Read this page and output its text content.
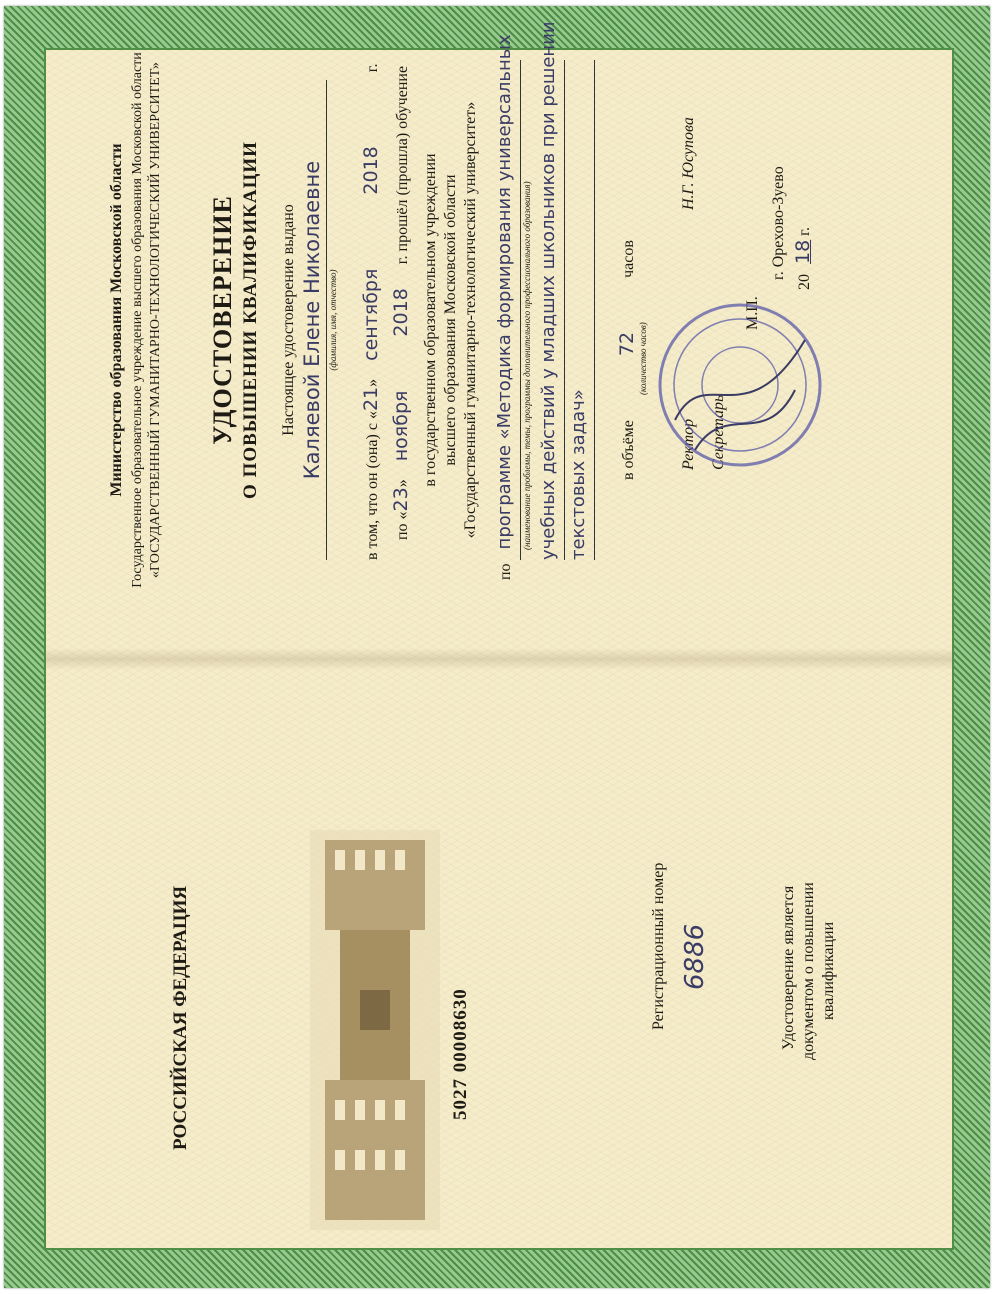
Министерство образования Московской области Государственное образовательное учреждение высшего образования Московской области «ГОСУДАРСТВЕННЫЙ ГУМАНИТАРНО-ТЕХНОЛОГИЧЕСКИЙ УНИВЕРСИТЕТ» УДОСТОВЕРЕНИЕ О ПОВЫШЕНИИ КВАЛИФИКАЦИИ Настоящее удостоверение выдано Каляевой Елене Николаевне (фамилия, имя, отчество)
в том, что он (она) с «21» сентября 2018 г.
по «23» ноября 2018 г. прошёл (прошла) обучение в государственном образовательном учреждении высшего образования Московской области «Государственный гуманитарно-технологический университет»
по программе «Методика формирования универсальных (наименование проблемы, темы, программы дополнительного профессионального образования) учебных действий у младших школьников при решении текстовых задач» в объёме 72 часов
(количество часов)
Ректор
Н.Г. Юсупова
Секретарь
М.П.
г. Орехово-Зуево
20 18 г.
РОССИЙСКАЯ ФЕДЕРАЦИЯ	5027 00008630
Регистрационный номер 6886	Удостоверение является документом о повышении квалификации
